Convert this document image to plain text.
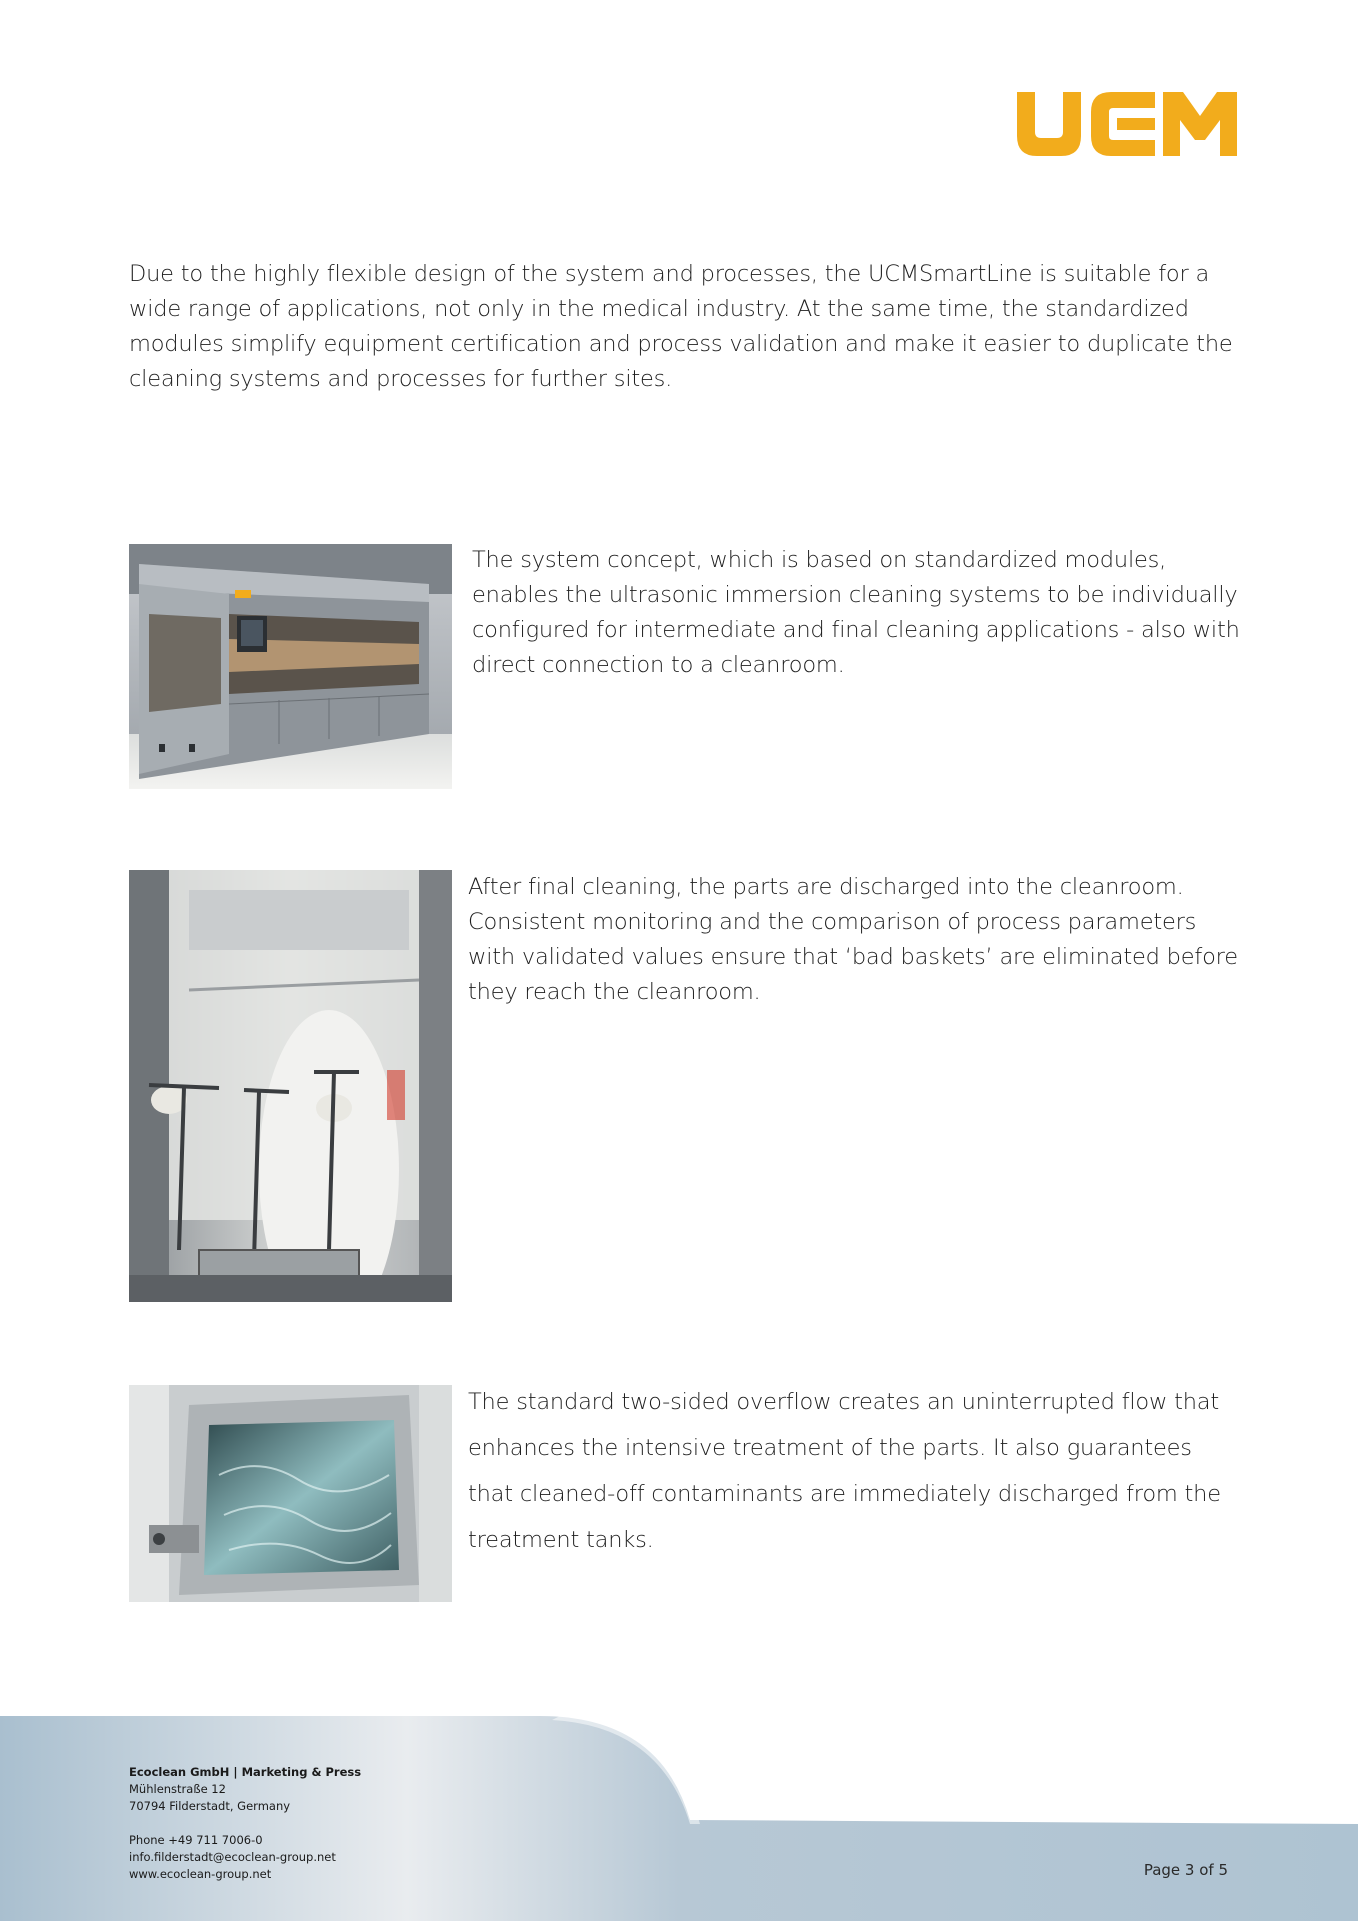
Due to the highly flexible design of the system and processes, the UCMSmartLine is suitable for a wide range of applications, not only in the medical industry. At the same time, the standardized modules simplify equipment certification and process validation and make it easier to duplicate the cleaning systems and processes for further sites.

The system concept, which is based on standardized modules, enables the ultrasonic immersion cleaning systems to be individually configured for intermediate and final cleaning applications - also with direct connection to a cleanroom.

After final cleaning, the parts are discharged into the cleanroom. Consistent monitoring and the comparison of process parameters with validated values ensure that ‘bad baskets’ are eliminated before they reach the cleanroom.

The standard two-sided overflow creates an uninterrupted flow that enhances the intensive treatment of the parts. It also guarantees that cleaned-off contaminants are immediately discharged from the treatment tanks.

Ecoclean GmbH | Marketing & Press
Mühlenstraße 12
70794 Filderstadt, Germany
Phone +49 711 7006-0
info.filderstadt@ecoclean-group.net
www.ecoclean-group.net	Page 3 of 5
